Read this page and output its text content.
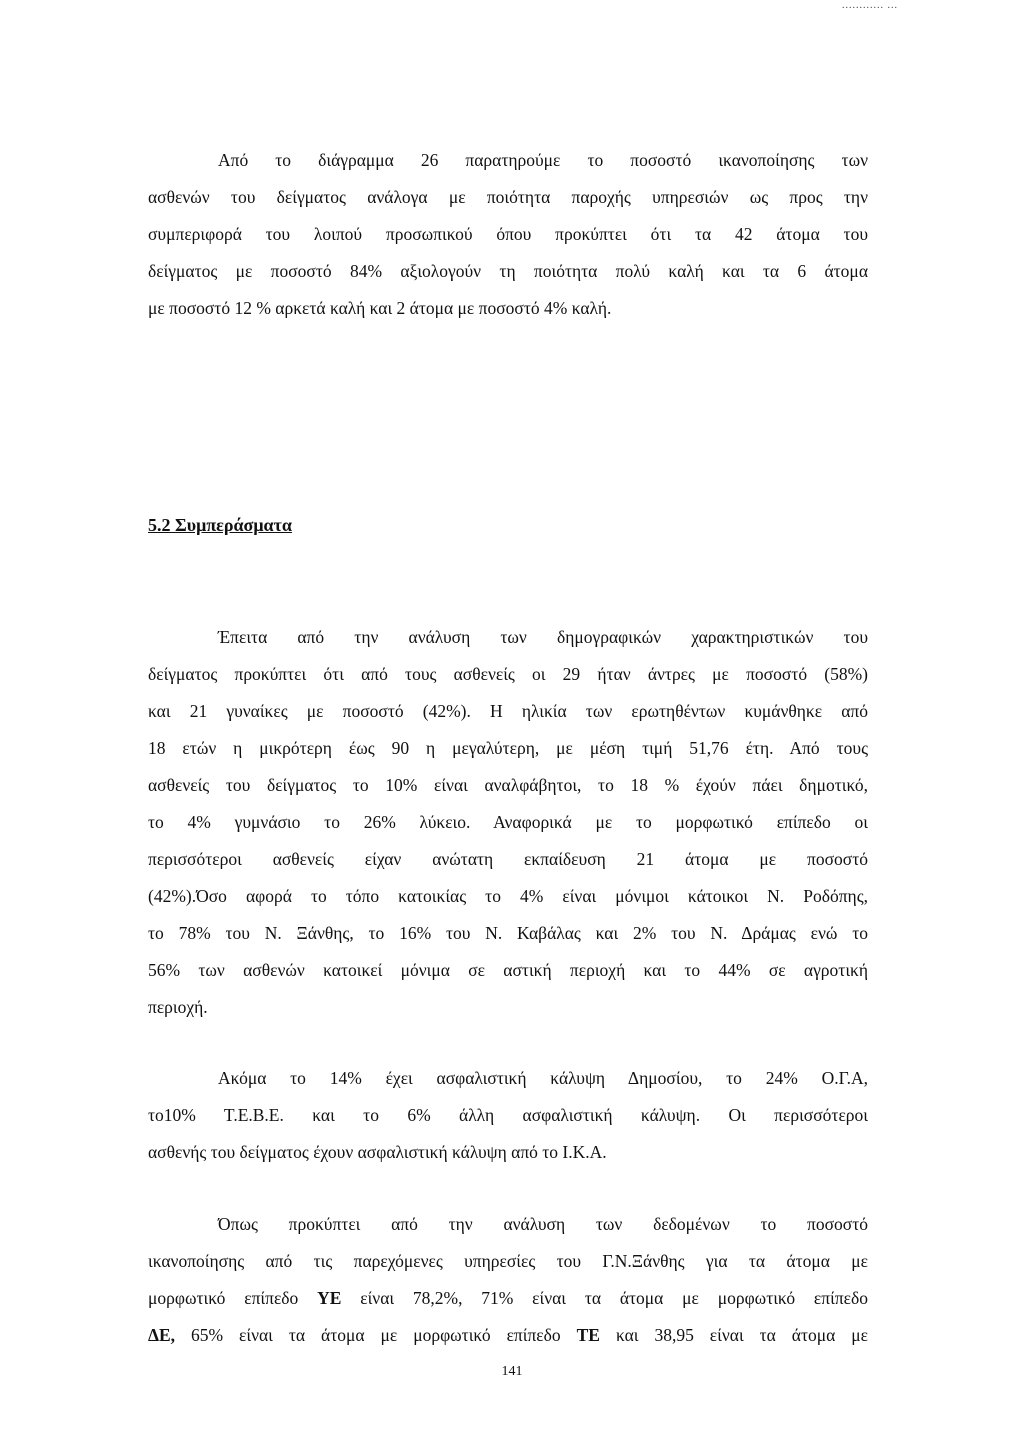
............ ...
Από το διάγραμμα 26 παρατηρούμε το ποσοστό ικανοποίησης των
ασθενών του δείγματος ανάλογα με ποιότητα παροχής υπηρεσιών ως προς την
συμπεριφορά του λοιπού προσωπικού όπου προκύπτει ότι τα 42 άτομα του
δείγματος με ποσοστό 84% αξιολογούν τη ποιότητα πολύ καλή και τα 6 άτομα
με ποσοστό 12 % αρκετά καλή και 2 άτομα με ποσοστό 4% καλή.
5.2 Συμπεράσματα
Έπειτα από την ανάλυση των δημογραφικών χαρακτηριστικών του
δείγματος προκύπτει ότι από τους ασθενείς οι 29 ήταν άντρες με ποσοστό (58%)
και 21 γυναίκες με ποσοστό (42%). Η ηλικία των ερωτηθέντων κυμάνθηκε από
18 ετών η μικρότερη έως 90 η μεγαλύτερη, με μέση τιμή 51,76 έτη. Από τους
ασθενείς του δείγματος το 10% είναι αναλφάβητοι, το 18 % έχούν πάει δημοτικό,
το 4% γυμνάσιο το 26% λύκειο. Αναφορικά με το μορφωτικό επίπεδο οι
περισσότεροι ασθενείς είχαν ανώτατη εκπαίδευση 21 άτομα με ποσοστό
(42%).Όσο αφορά το τόπο κατοικίας το 4% είναι μόνιμοι κάτοικοι Ν. Ροδόπης,
το 78% του Ν. Ξάνθης, το 16% του Ν. Καβάλας και 2% του Ν. Δράμας ενώ το
56% των ασθενών κατοικεί μόνιμα σε αστική περιοχή και το 44% σε αγροτική
περιοχή.
Ακόμα το 14% έχει ασφαλιστική κάλυψη Δημοσίου, το 24% Ο.Γ.Α,
το10% Τ.Ε.Β.Ε. και το 6% άλλη ασφαλιστική κάλυψη. Οι περισσότεροι
ασθενής του δείγματος έχουν ασφαλιστική κάλυψη από το Ι.Κ.Α.
Όπως προκύπτει από την ανάλυση των δεδομένων το ποσοστό
ικανοποίησης από τις παρεχόμενες υπηρεσίες του Γ.Ν.Ξάνθης για τα άτομα με
μορφωτικό επίπεδο ΥΕ είναι 78,2%, 71% είναι τα άτομα με μορφωτικό επίπεδο
ΔΕ, 65% είναι τα άτομα με μορφωτικό επίπεδο ΤΕ και 38,95 είναι τα άτομα με
141
